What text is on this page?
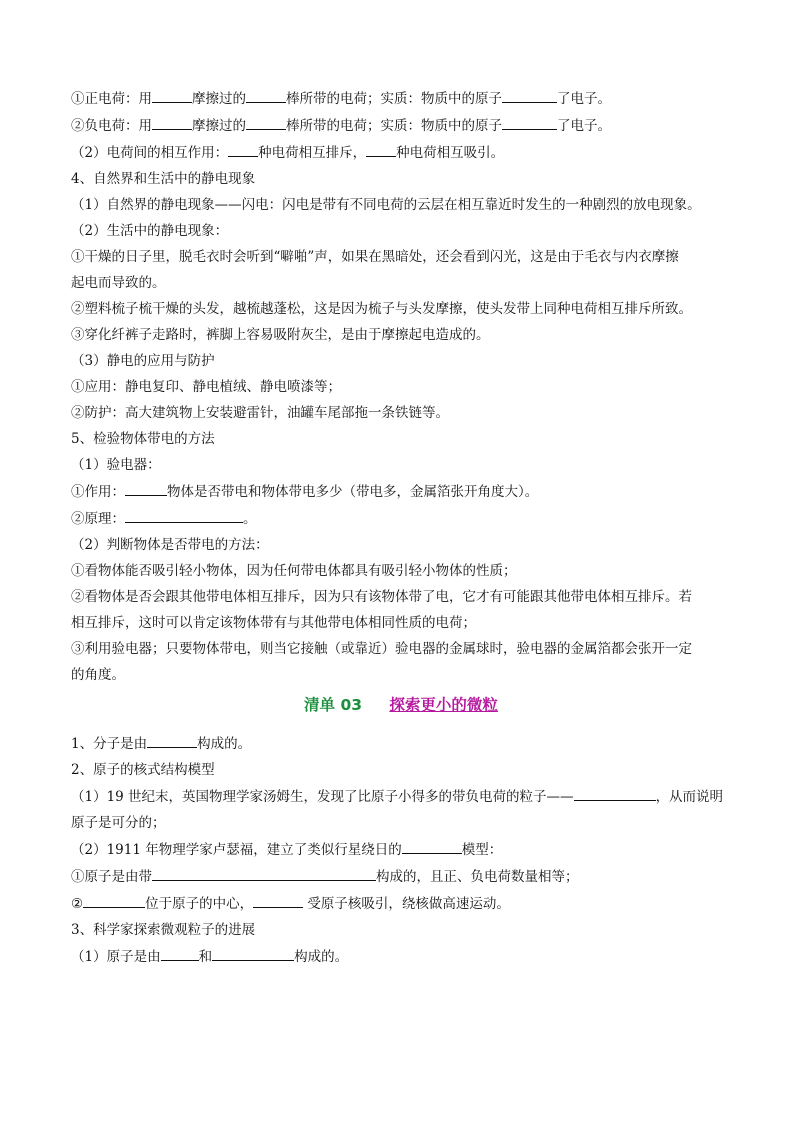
①正电荷：用	摩擦过的	棒所带的电荷；实质：物质中的原子	了电子。
②负电荷：用	摩擦过的	棒所带的电荷；实质：物质中的原子	了电子。
（2）电荷间的相互作用： 种电荷相互排斥， 种电荷相互吸引。
4、自然界和生活中的静电现象
（1）自然界的静电现象——闪电：闪电是带有不同电荷的云层在相互靠近时发生的一种剧烈的放电现象。
（2）生活中的静电现象：

①干燥的日子里，脱毛衣时会听到“噼啪”声，如果在黑暗处，还会看到闪光，这是由于毛衣与内衣摩擦
起电而导致的。

②塑料梳子梳干燥的头发，越梳越蓬松，这是因为梳子与头发摩擦，使头发带上同种电荷相互排斥所致。
③穿化纤裤子走路时，裤脚上容易吸附灰尘，是由于摩擦起电造成的。
（3）静电的应用与防护
①应用：静电复印、静电植绒、静电喷漆等；
②防护：高大建筑物上安装避雷针，油罐车尾部拖一条铁链等。
5、检验物体带电的方法
（1）验电器：
①作用：	物体是否带电和物体带电多少（带电多，金属箔张开角度大）。
②原理：	。
（2）判断物体是否带电的方法：
①看物体能否吸引轻小物体，因为任何带电体都具有吸引轻小物体的性质；

②看物体是否会跟其他带电体相互排斥，因为只有该物体带了电，它才有可能跟其他带电体相互排斥。若
相互排斥，这时可以肯定该物体带有与其他带电体相同性质的电荷；

③利用验电器；只要物体带电，则当它接触（或靠近）验电器的金属球时，验电器的金属箔都会张开一定
的角度。

清单 03 探索更小的微粒
1、分子是由	构成的。
2、原子的核式结构模型

（1）19 世纪末，英国物理学家汤姆生，发现了比原子小得多的带负电荷的粒子——	，从而说明
原子是可分的；

（2）1911 年物理学家卢瑟福，建立了类似行星绕日的	模型：
①原子是由带	构成的，且正、负电荷数量相等；
②	位于原子的中心，	受原子核吸引，绕核做高速运动。
3、科学家探索微观粒子的进展
（1）原子是由	和	构成的。
